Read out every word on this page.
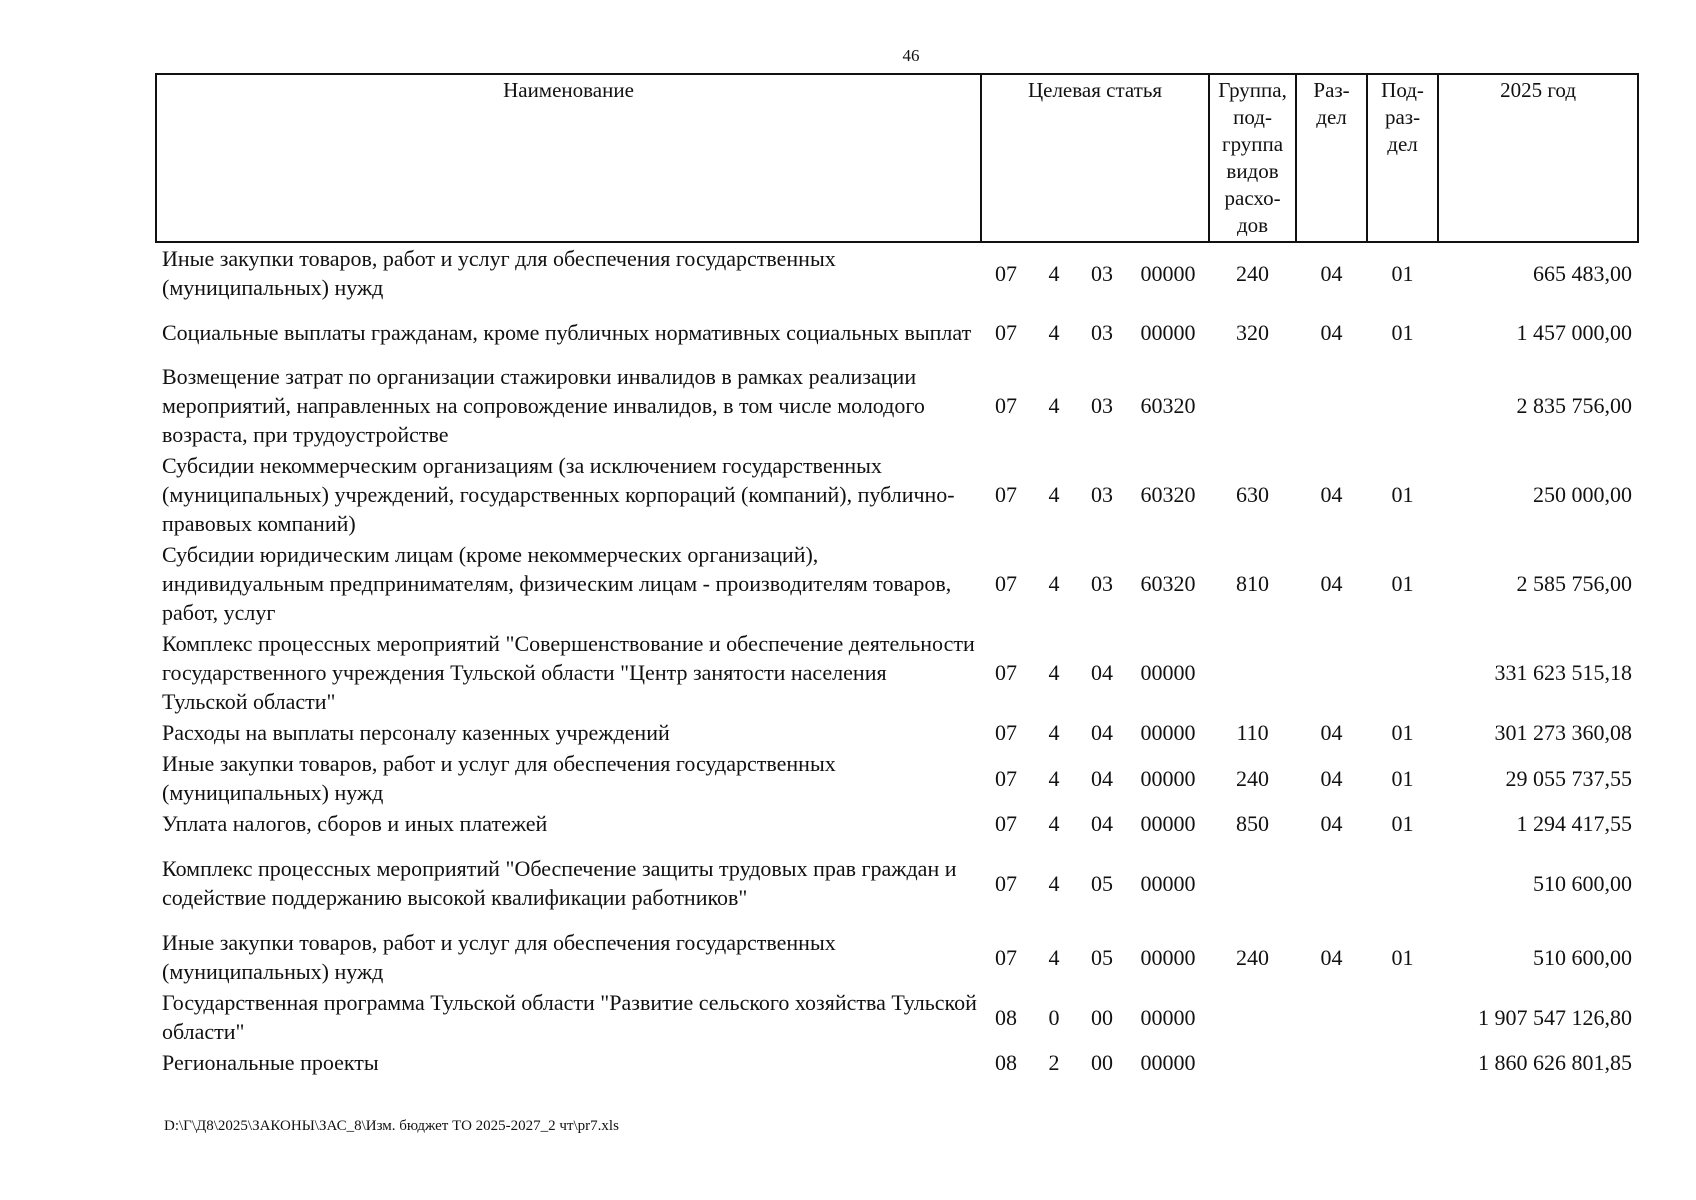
46
Наименование	Целевая статья				Группа, под-группа видов расхо-дов	Раз-дел	Под-раз-дел	2025 год
Иные закупки товаров, работ и услуг для обеспечения государственных (муниципальных) нужд	07	4	03	00000	240	04	01	665 483,00
Социальные выплаты гражданам, кроме публичных нормативных социальных выплат	07	4	03	00000	320	04	01	1 457 000,00
Возмещение затрат по организации стажировки инвалидов в рамках реализации мероприятий, направленных на сопровождение инвалидов, в том числе молодого возраста, при трудоустройстве	07	4	03	60320				2 835 756,00
Субсидии некоммерческим организациям (за исключением государственных (муниципальных) учреждений, государственных корпораций (компаний), публично-правовых компаний)	07	4	03	60320	630	04	01	250 000,00
Субсидии юридическим лицам (кроме некоммерческих организаций), индивидуальным предпринимателям, физическим лицам - производителям товаров, работ, услуг	07	4	03	60320	810	04	01	2 585 756,00
Комплекс процессных мероприятий "Совершенствование и обеспечение деятельности государственного учреждения Тульской области "Центр занятости населения Тульской области"	07	4	04	00000				331 623 515,18
Расходы на выплаты персоналу казенных учреждений	07	4	04	00000	110	04	01	301 273 360,08
Иные закупки товаров, работ и услуг для обеспечения государственных (муниципальных) нужд	07	4	04	00000	240	04	01	29 055 737,55
Уплата налогов, сборов и иных платежей	07	4	04	00000	850	04	01	1 294 417,55
Комплекс процессных мероприятий "Обеспечение защиты трудовых прав граждан и содействие поддержанию высокой квалификации работников"	07	4	05	00000				510 600,00
Иные закупки товаров, работ и услуг для обеспечения государственных (муниципальных) нужд	07	4	05	00000	240	04	01	510 600,00
Государственная программа Тульской области "Развитие сельского хозяйства Тульской области"	08	0	00	00000				1 907 547 126,80
Региональные проекты	08	2	00	00000				1 860 626 801,85
D:\Г\Д8\2025\ЗАКОНЫ\ЗАС_8\Изм. бюджет ТО 2025-2027_2 чт\pr7.xls
